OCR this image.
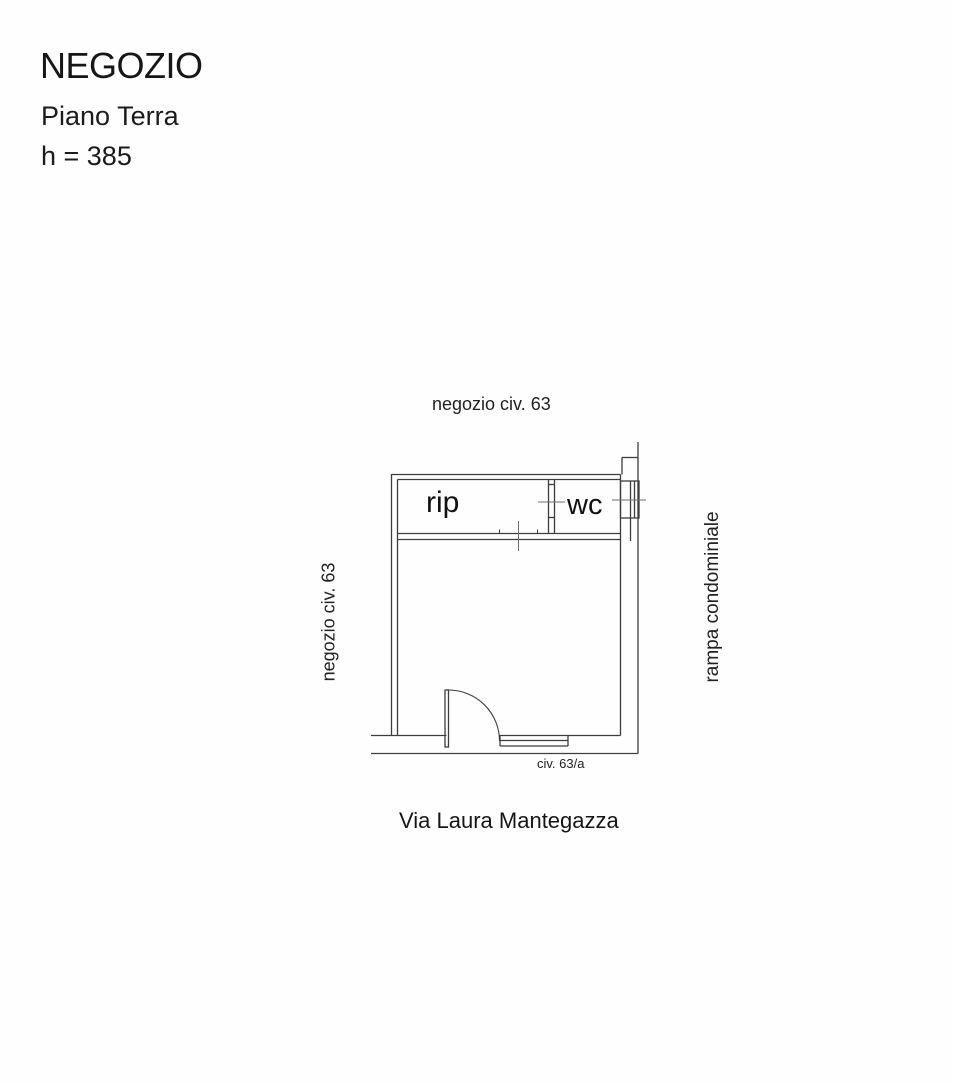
NEGOZIO
Piano Terra
h = 385
negozio civ. 63
rip	wc
negozio civ. 63	rampa condominiale
civ. 63/a
Via Laura Mantegazza
